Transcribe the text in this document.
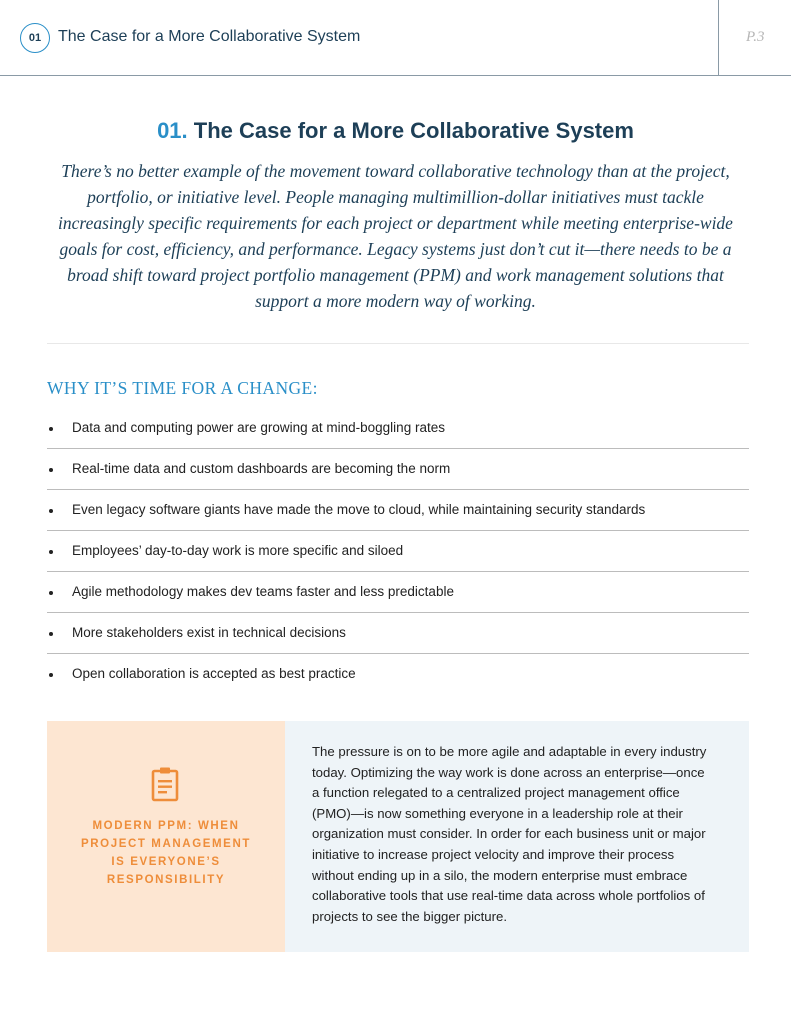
01	The Case for a More Collaborative System	P.3
01. The Case for a More Collaborative System

There’s no better example of the movement toward collaborative technology than at the project,
portfolio, or initiative level. People managing multimillion-dollar initiatives must tackle
increasingly specific requirements for each project or department while meeting enterprise-wide
goals for cost, efficiency, and performance. Legacy systems just don’t cut it—there needs to be a
broad shift toward project portfolio management (PPM) and work management solutions that
support a more modern way of working.

WHY IT’S TIME FOR A CHANGE:
Data and computing power are growing at mind-boggling rates
Real-time data and custom dashboards are becoming the norm
Even legacy software giants have made the move to cloud, while maintaining security standards
Employees’ day-to-day work is more specific and siloed
Agile methodology makes dev teams faster and less predictable
More stakeholders exist in technical decisions
Open collaboration is accepted as best practice
MODERN PPM: WHEN
PROJECT MANAGEMENT
IS EVERYONE’S
RESPONSIBILITY

The pressure is on to be more agile and adaptable in every industry
today. Optimizing the way work is done across an enterprise—once
a function relegated to a centralized project management office
(PMO)—is now something everyone in a leadership role at their
organization must consider. In order for each business unit or major
initiative to increase project velocity and improve their process
without ending up in a silo, the modern enterprise must embrace
collaborative tools that use real-time data across whole portfolios of
projects to see the bigger picture.
